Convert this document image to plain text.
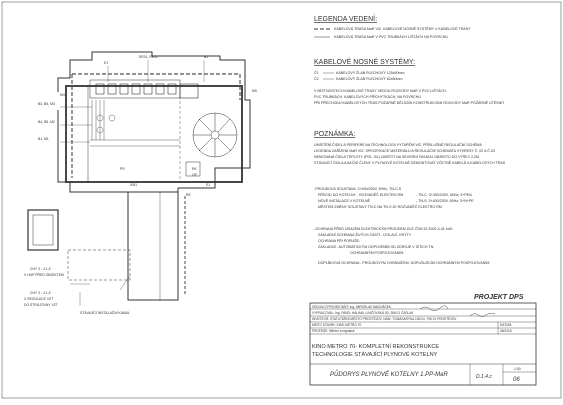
E1
RE01, RE02	B1
B3, B5, M3
B4, B5, M2
B1, M1
M4
M5
RK
OP
E1
RE
PR
VM1
CHY 3 - 4.1.5
X HUP PŘED OBJEKTEM
CHY 3 - 4.1.5
X REGULACE VZT
DO STRUJOVNY VZT
STÁVAJÍCÍ INSTALAČNÍ KANÁL
LEGENDA VEDENÍ:
KABELOVÁ TRASA MaR VIZ. KABELOVÉ NOSNÉ SYSTÉMY X KABELOVÉ TRASY
KABELOVÁ TRASA MaR V PVC TRUBKÁCH LIŠTÁCH NA POVRCHU
KABELOVÉ NOSNÉ SYSTÉMY:
Č1	KABELOVÝ ŽLAB PLECHOVÝ 125x50mm
Č2	KABELOVÝ ŽLAB PLECHOVÝ 62x50mm
V MÍSTNOSTECH KABELOVÉ TRASY VEDOU ROZVODY MaR V PVC LIŠTÁCH,
PVC TRUBKÁCH, KABELOVÝCH PŘÍCHYTKÁCH, NA POVRCHU
PŘI PŘECHODU KABELOVÝCH TRAS POŽÁRNĚ DĚLÍCÍMI KONSTRUKCEMI ROZVODY MaR POŽÁRNĚ UTĚSNIT
POZNÁMKA:
UMÍSTĚNÍ ČIDEL A PERIFERIÍ NA TECHNOLOGII VYTÁPĚNÍ VIZ. PŘÍSLUŠNÉ REGULAČNÍ SCHÉMA
LEGENDA ZAŘÍZENÍ MaR VIZ. SPECIFIKACE MATERIÁLU A REGULAČNÍ SCHEMATA VÝKRESY Č. 02 A Č.03
NEMOVANÁ ČIDLA TEPLOTY (POL. B1) UMÍSTIT NA SEVERNÍ FASÁDU OBJEKTU DO VÝŠKY 2,2M
STÁVAJÍCÍ ČIDLA A AKČNÍ ČLENY V PLYNOVÉ KOTELNĚ DEMONTOVAT VČETNĚ KABELŮ A KABELOVÝCH TRAS
-PROUDOVÁ SOUSTAVA: 3+400/230V, 50Hz, TN-C-S
PŘÍVOD DO KOTELNY - ROZVADĚČ ELEKTRO RM
NOVÉ INSTALACE V KOTELNĚ
MĚSTEM ZMĚNY SOUSTAVY TN-C NA TN-S JE ROZVADĚČ ELEKTRO RM
- TN-C: 3+400/230V, 50Hz; 3+PEN
- TN-S: 3+400/230V, 50Hz; 3+N+PE
-OCHRANA PŘED ÚRAZEM ELEKTRICKÝM PROUDEM DLE ČSN 33 2000-4-41 ed3:
ZÁKLADNÍ OCHRANA ŽIVÝCH ČÁSTÍ - IZOLACÍ, KRYTY
OCHRANA PŘI PORUŠE:
ZÁKLADNÍ - AUTOMATICKÝM ODPOJENÍM OD ZDROJE V SÍTICH TN,
OCHRANNÝM POSPOJOVÁNÍM
DOPLŇKOVÁ OCHRANA - PROUDOVÝM CHRÁNIČEM, DOPLŇUJÍCÍM OCHRANNÝM POSPOJOVÁNÍM
PROJEKT DPS
VEDOUCÍ PROJEKTANT: Ing. MIROSLAV MACHÁČEK
VYPRACOVAL: Ing. PAVEL HALIMA, LIMČOVSKÁ 83, 286 01 ČÁSLAV
INVESTOR: STATUTÁRNÍ MĚSTO PROSTĚJOV, NÁM. TGMASARYKA 130/14, 796 01 PROSTĚJOV
MÍSTO STAVBY: KINO METRO 70
PROFESE: Měření a regulace
DATUM:
08/2018
KINO METRO 70- KOMPLETNÍ REKONSTRUKCE
TECHNOLOGIE STÁVAJÍCÍ PLYNOVÉ KOTELNY
PŮDORYS PLYNOVÉ KOTELNY 1.PP-MaR	D.1.4.c
1:50
06
